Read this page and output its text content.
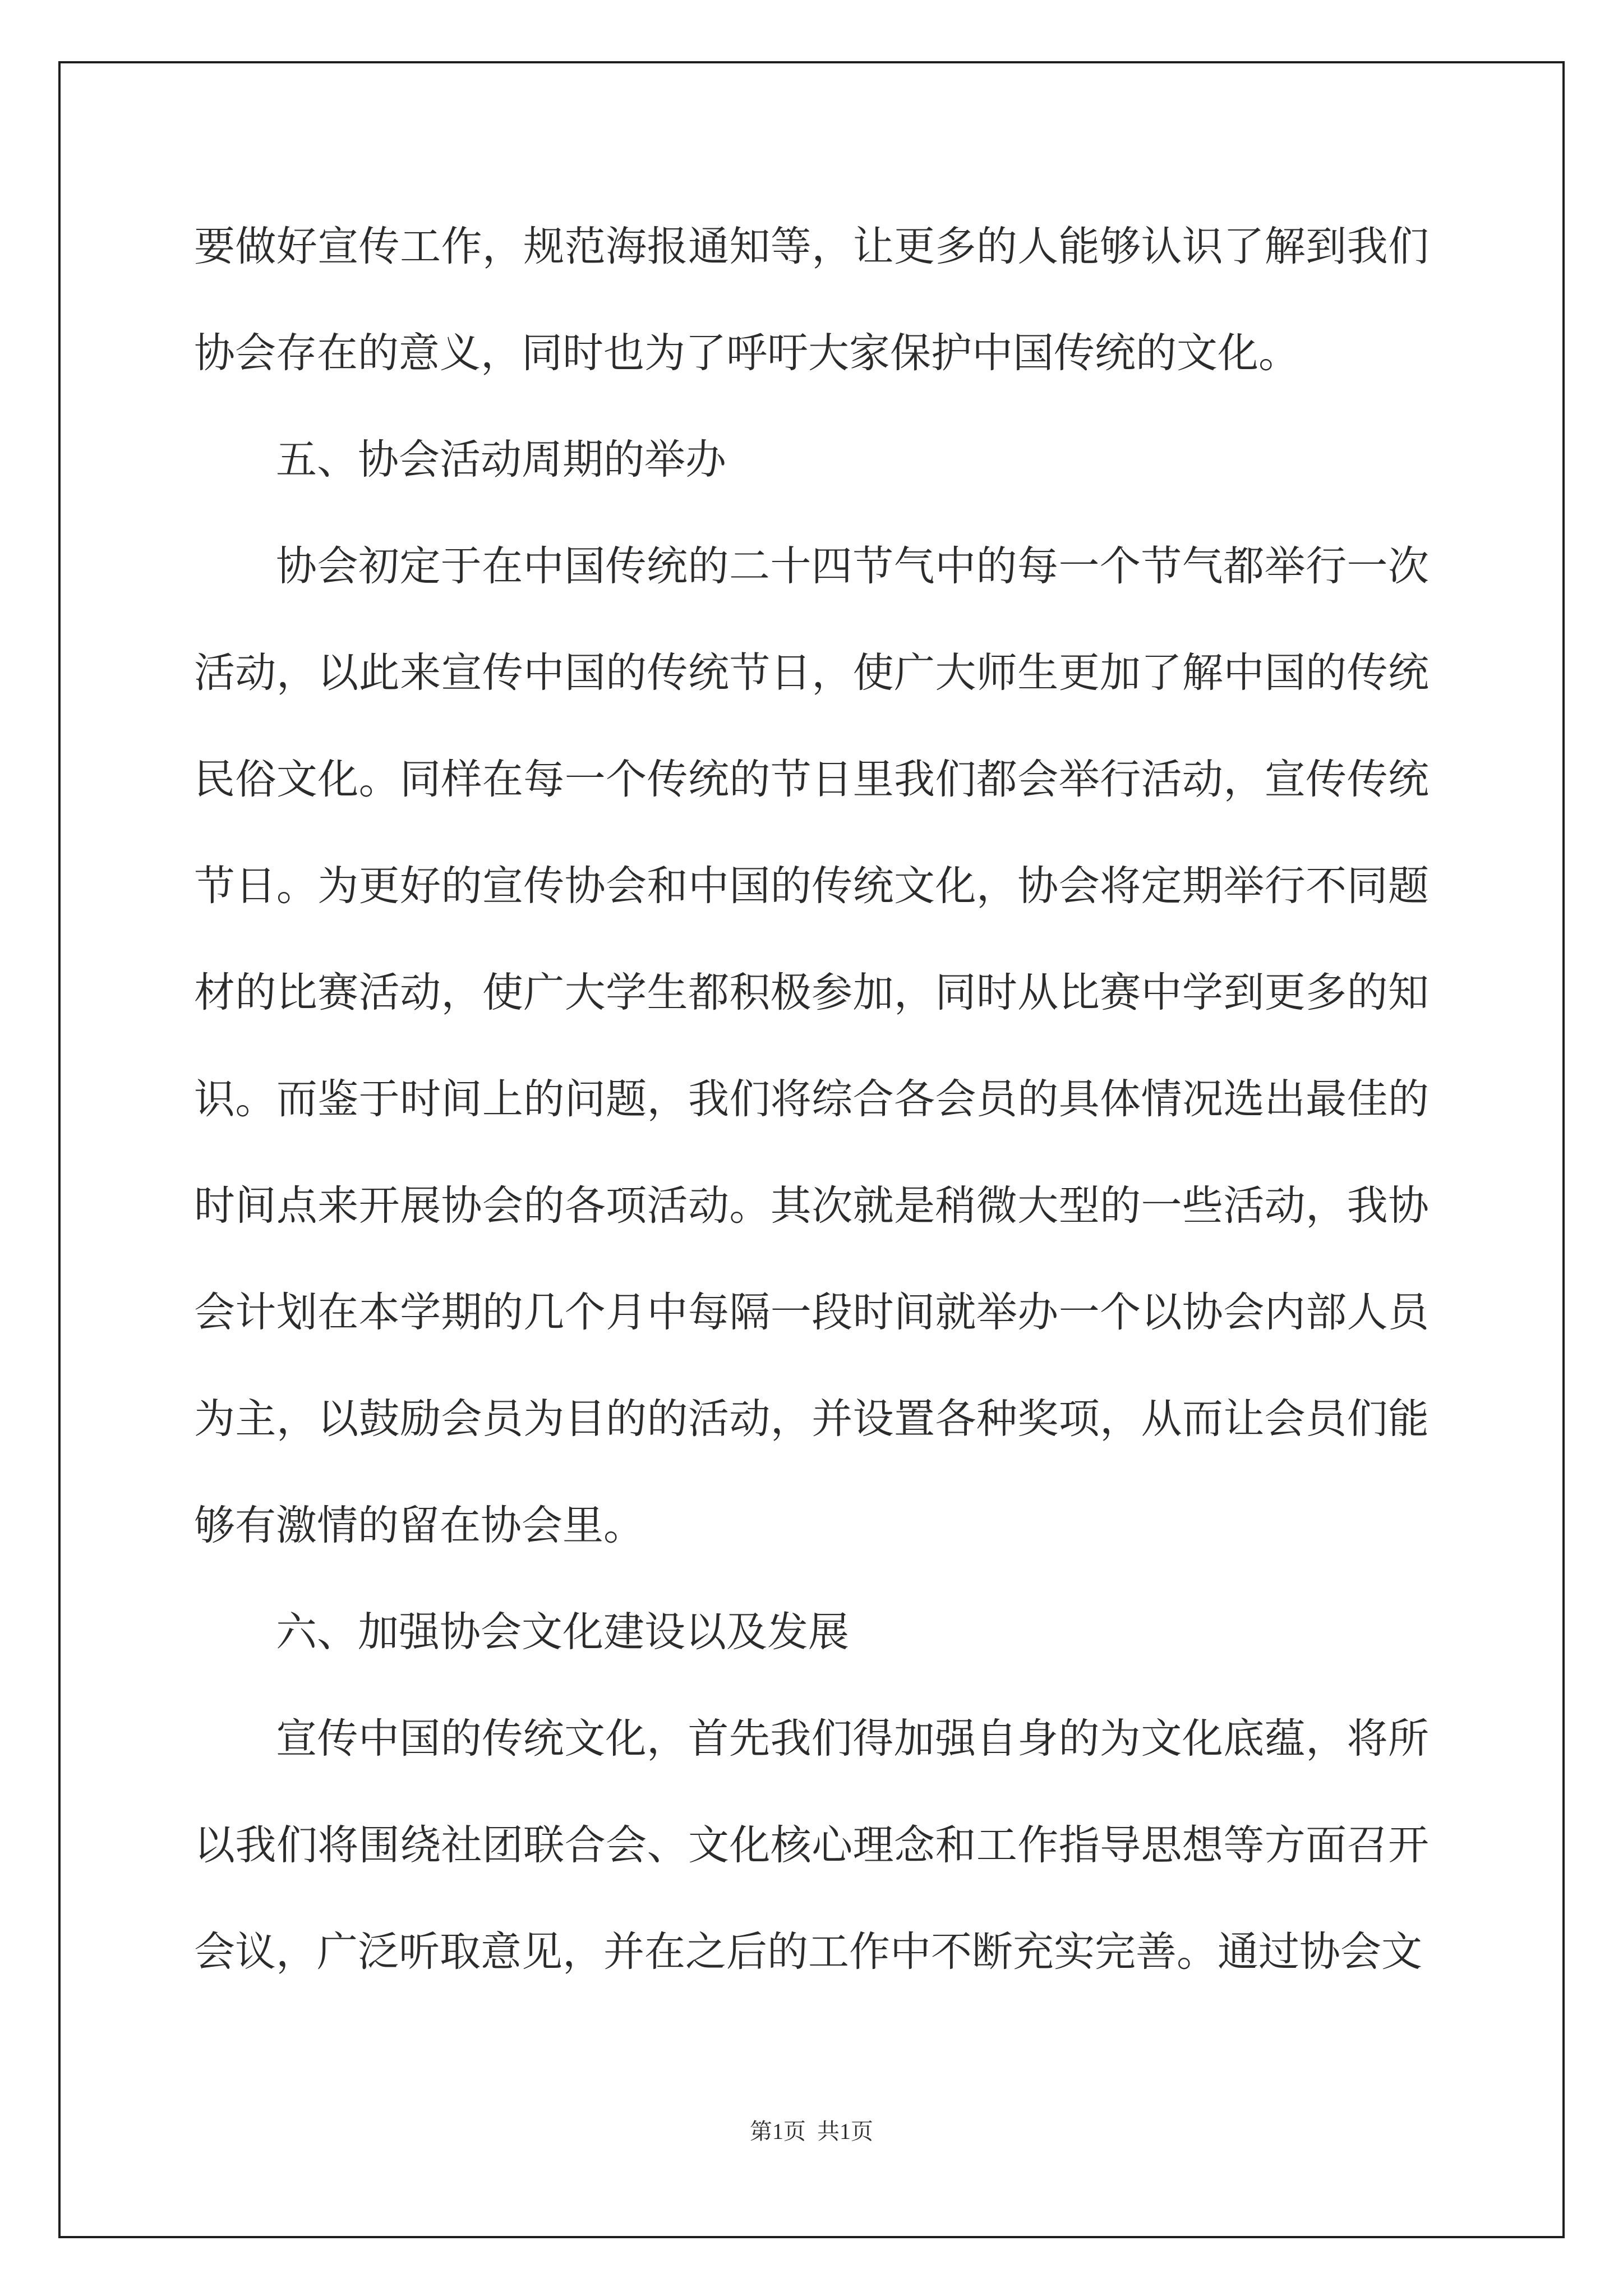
要做好宣传工作，规范海报通知等，让更多的人能够认识了解到我们协会存在的意义，同时也为了呼吁大家保护中国传统的文化。

五、协会活动周期的举办

协会初定于在中国传统的二十四节气中的每一个节气都举行一次活动，以此来宣传中国的传统节日，使广大师生更加了解中国的传统民俗文化。同样在每一个传统的节日里我们都会举行活动，宣传传统节日。为更好的宣传协会和中国的传统文化，协会将定期举行不同题材的比赛活动，使广大学生都积极参加，同时从比赛中学到更多的知识。而鉴于时间上的问题，我们将综合各会员的具体情况选出最佳的时间点来开展协会的各项活动。其次就是稍微大型的一些活动，我协会计划在本学期的几个月中每隔一段时间就举办一个以协会内部人员为主，以鼓励会员为目的的活动，并设置各种奖项，从而让会员们能够有激情的留在协会里。

六、加强协会文化建设以及发展

宣传中国的传统文化，首先我们得加强自身的为文化底蕴，将所以我们将围绕社团联合会、文化核心理念和工作指导思想等方面召开会议，广泛听取意见，并在之后的工作中不断充实完善。通过协会文

第1页  共1页
